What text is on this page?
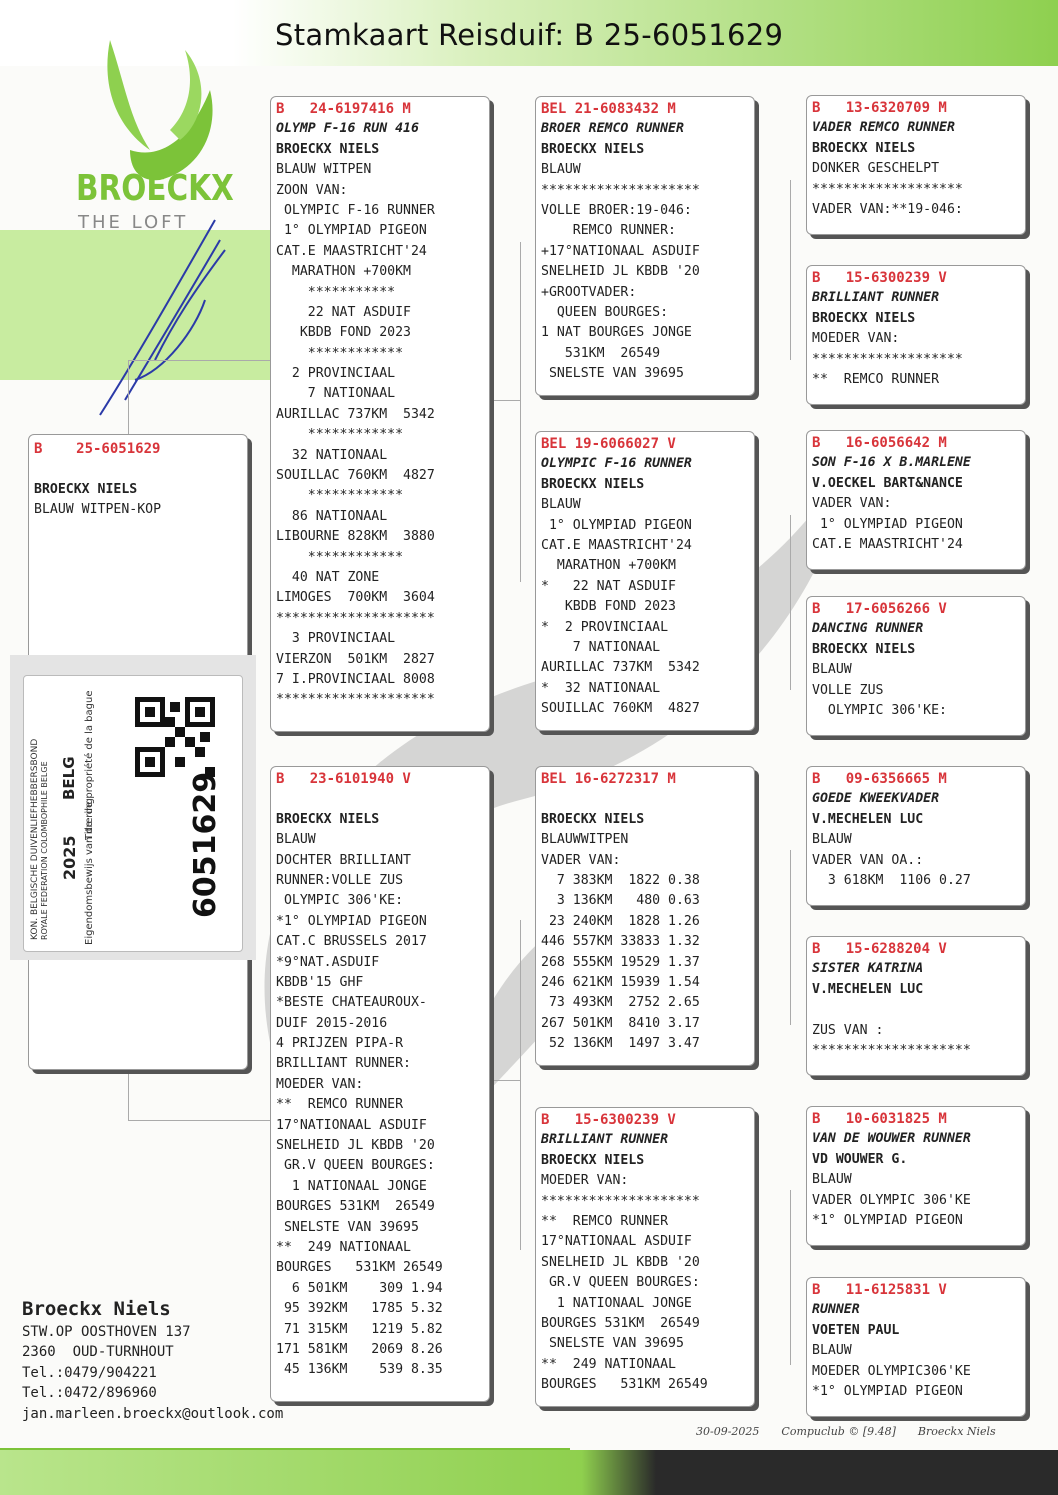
BROECKX
THE LOFT
Stamkaart Reisduif: B 25-6051629
B    25-6051629
BROECKX NIELS
BLAUW WITPEN-KOP
6051629
2025
BELG
KON. BELGISCHE DUIVENLIEFHEBBERSBOND ROYALE FEDERATION COLOMBOPHILE BELGE	Eigendomsbewijs van de ring
Titre de propriété de la bague
B   24-6197416 M
OLYMP F-16 RUN 416
BROECKX NIELS
BLAUW WITPEN
ZOON VAN:
OLYMPIC F-16 RUNNER
1° OLYMPIAD PIGEON
CAT.E MAASTRICHT'24
MARATHON +700KM
***********
22 NAT ASDUIF
KBDB FOND 2023
************
2 PROVINCIAAL
7 NATIONAAL
AURILLAC 737KM  5342
************
32 NATIONAAL
SOUILLAC 760KM  4827
************
86 NATIONAAL
LIBOURNE 828KM  3880
************
40 NAT ZONE
LIMOGES  700KM  3604
********************
3 PROVINCIAAL
VIERZON  501KM  2827
7 I.PROVINCIAAL 8008
********************
B   23-6101940 V
BROECKX NIELS
BLAUW
DOCHTER BRILLIANT
RUNNER:VOLLE ZUS
OLYMPIC 306'KE:
*1° OLYMPIAD PIGEON
CAT.C BRUSSELS 2017
*9°NAT.ASDUIF
KBDB'15 GHF
*BESTE CHATEAUROUX-
DUIF 2015-2016
4 PRIJZEN PIPA-R
BRILLIANT RUNNER:
MOEDER VAN:
**  REMCO RUNNER
17°NATIONAAL ASDUIF
SNELHEID JL KBDB '20
GR.V QUEEN BOURGES:
1 NATIONAAL JONGE
BOURGES 531KM  26549
SNELSTE VAN 39695
**  249 NATIONAAL
BOURGES   531KM 26549
6 501KM    309 1.94
95 392KM   1785 5.32
71 315KM   1219 5.82
171 581KM   2069 8.26
45 136KM    539 8.35
BEL 21-6083432 M
BROER REMCO RUNNER
BROECKX NIELS
BLAUW
********************
VOLLE BROER:19-046:
REMCO RUNNER:
+17°NATIONAAL ASDUIF
SNELHEID JL KBDB '20
+GROOTVADER:
QUEEN BOURGES:
1 NAT BOURGES JONGE
531KM  26549
SNELSTE VAN 39695
BEL 19-6066027 V
OLYMPIC F-16 RUNNER
BROECKX NIELS
BLAUW
1° OLYMPIAD PIGEON
CAT.E MAASTRICHT'24
MARATHON +700KM
*   22 NAT ASDUIF
KBDB FOND 2023
*  2 PROVINCIAAL
7 NATIONAAL
AURILLAC 737KM  5342
*  32 NATIONAAL
SOUILLAC 760KM  4827
BEL 16-6272317 M
BROECKX NIELS
BLAUWWITPEN
VADER VAN:
7 383KM  1822 0.38
3 136KM   480 0.63
23 240KM  1828 1.26
446 557KM 33833 1.32
268 555KM 19529 1.37
246 621KM 15939 1.54
73 493KM  2752 2.65
267 501KM  8410 3.17
52 136KM  1497 3.47
B   15-6300239 V
BRILLIANT RUNNER
BROECKX NIELS
MOEDER VAN:
********************
**  REMCO RUNNER
17°NATIONAAL ASDUIF
SNELHEID JL KBDB '20
GR.V QUEEN BOURGES:
1 NATIONAAL JONGE
BOURGES 531KM  26549
SNELSTE VAN 39695
**  249 NATIONAAL
BOURGES   531KM 26549
B   13-6320709 M
VADER REMCO RUNNER
BROECKX NIELS
DONKER GESCHELPT
*******************
VADER VAN:**19-046:
B   15-6300239 V
BRILLIANT RUNNER
BROECKX NIELS
MOEDER VAN:
*******************
**  REMCO RUNNER
B   16-6056642 M
SON F-16 X B.MARLENE
V.OECKEL BART&NANCE
VADER VAN:
1° OLYMPIAD PIGEON
CAT.E MAASTRICHT'24
B   17-6056266 V
DANCING RUNNER
BROECKX NIELS
BLAUW
VOLLE ZUS
OLYMPIC 306'KE:
B   09-6356665 M
GOEDE KWEEKVADER
V.MECHELEN LUC
BLAUW
VADER VAN OA.:
3 618KM  1106 0.27
B   15-6288204 V
SISTER KATRINA
V.MECHELEN LUC
ZUS VAN :
********************
B   10-6031825 M
VAN DE WOUWER RUNNER
VD WOUWER G.
BLAUW
VADER OLYMPIC 306'KE
*1° OLYMPIAD PIGEON
B   11-6125831 V
RUNNER
VOETEN PAUL
BLAUW
MOEDER OLYMPIC306'KE
*1° OLYMPIAD PIGEON
Broeckx Niels
STW.OP OOSTHOVEN 137
2360  OUD-TURNHOUT
Tel.:0479/904221
Tel.:0472/896960
jan.marleen.broeckx@outlook.com
30-09-2025 Compuclub © [9.48] Broeckx Niels
